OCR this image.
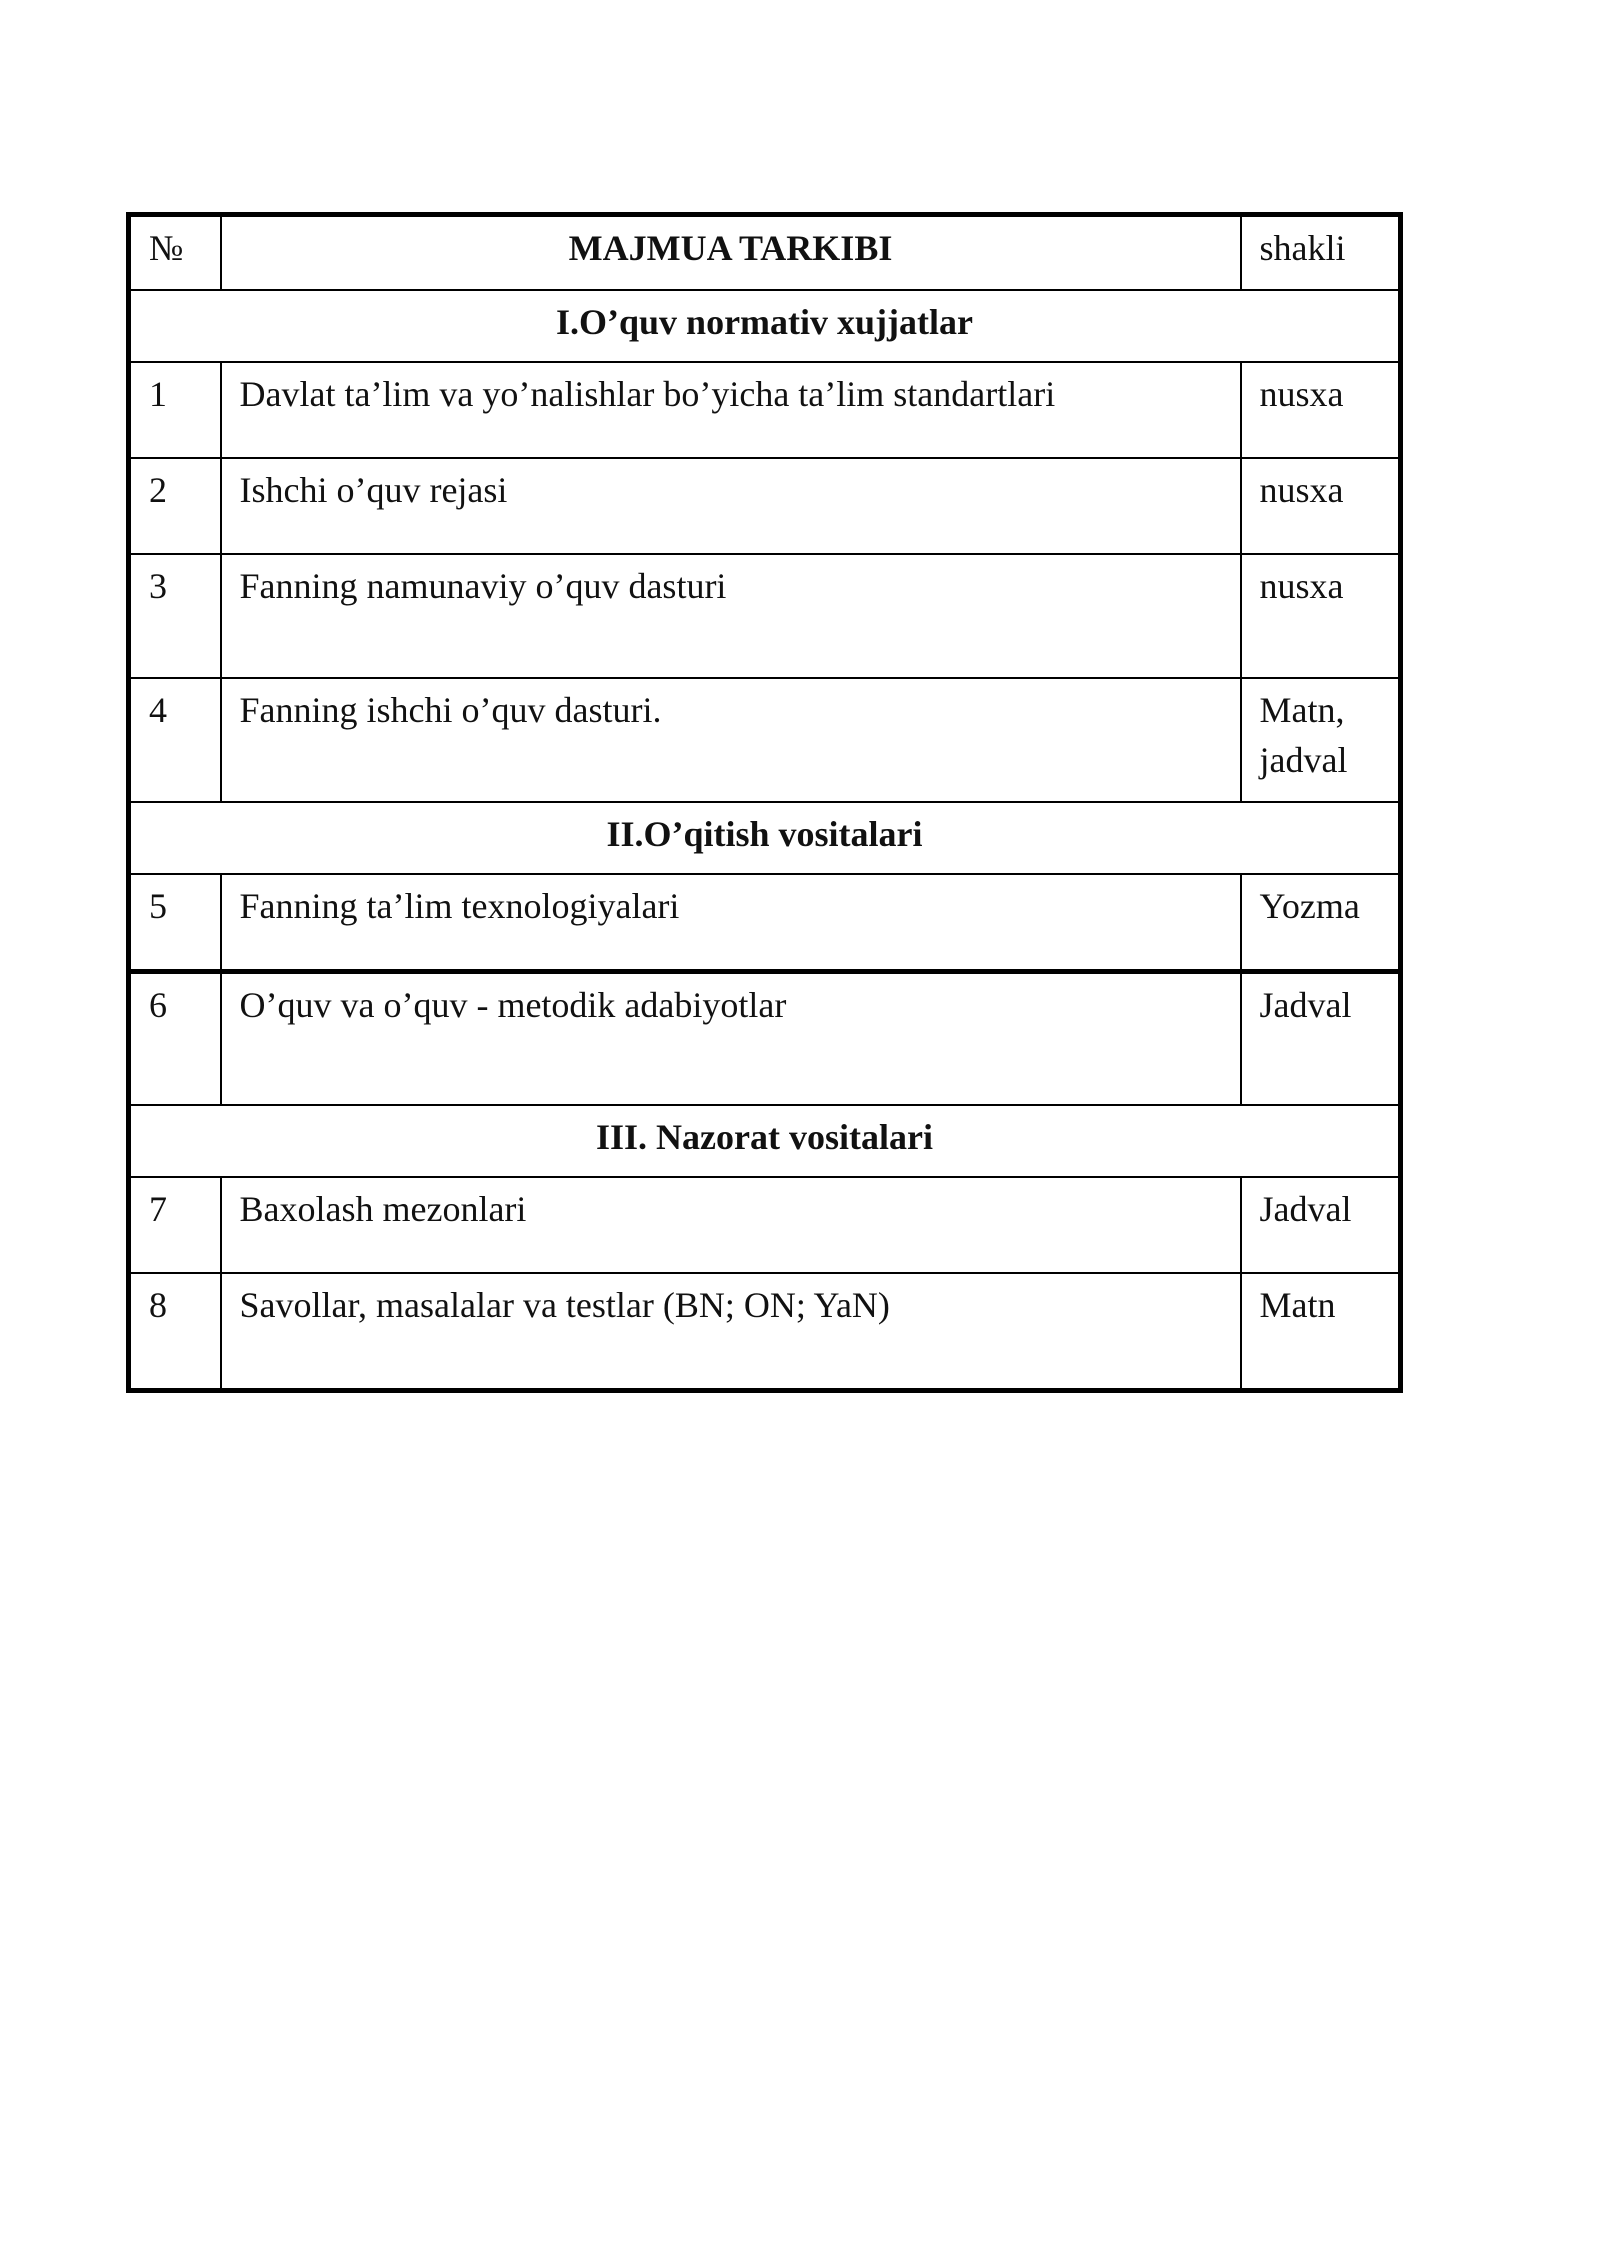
№	MAJMUA TARKIBI	shakli
I.O’quv normativ xujjatlar		
1	Davlat ta’lim va yo’nalishlar bo’yicha ta’lim standartlari	nusxa
2	Ishchi o’quv rejasi	nusxa
3	Fanning namunaviy o’quv dasturi	nusxa
4	Fanning ishchi o’quv dasturi.	Matn, jadval
II.O’qitish vositalari		
5	Fanning ta’lim texnologiyalari	Yozma
6	O’quv va o’quv - metodik adabiyotlar	Jadval
III. Nazorat vositalari		
7	Baxolash mezonlari	Jadval
8	Savollar, masalalar va testlar (BN; ON; YaN)	Matn
